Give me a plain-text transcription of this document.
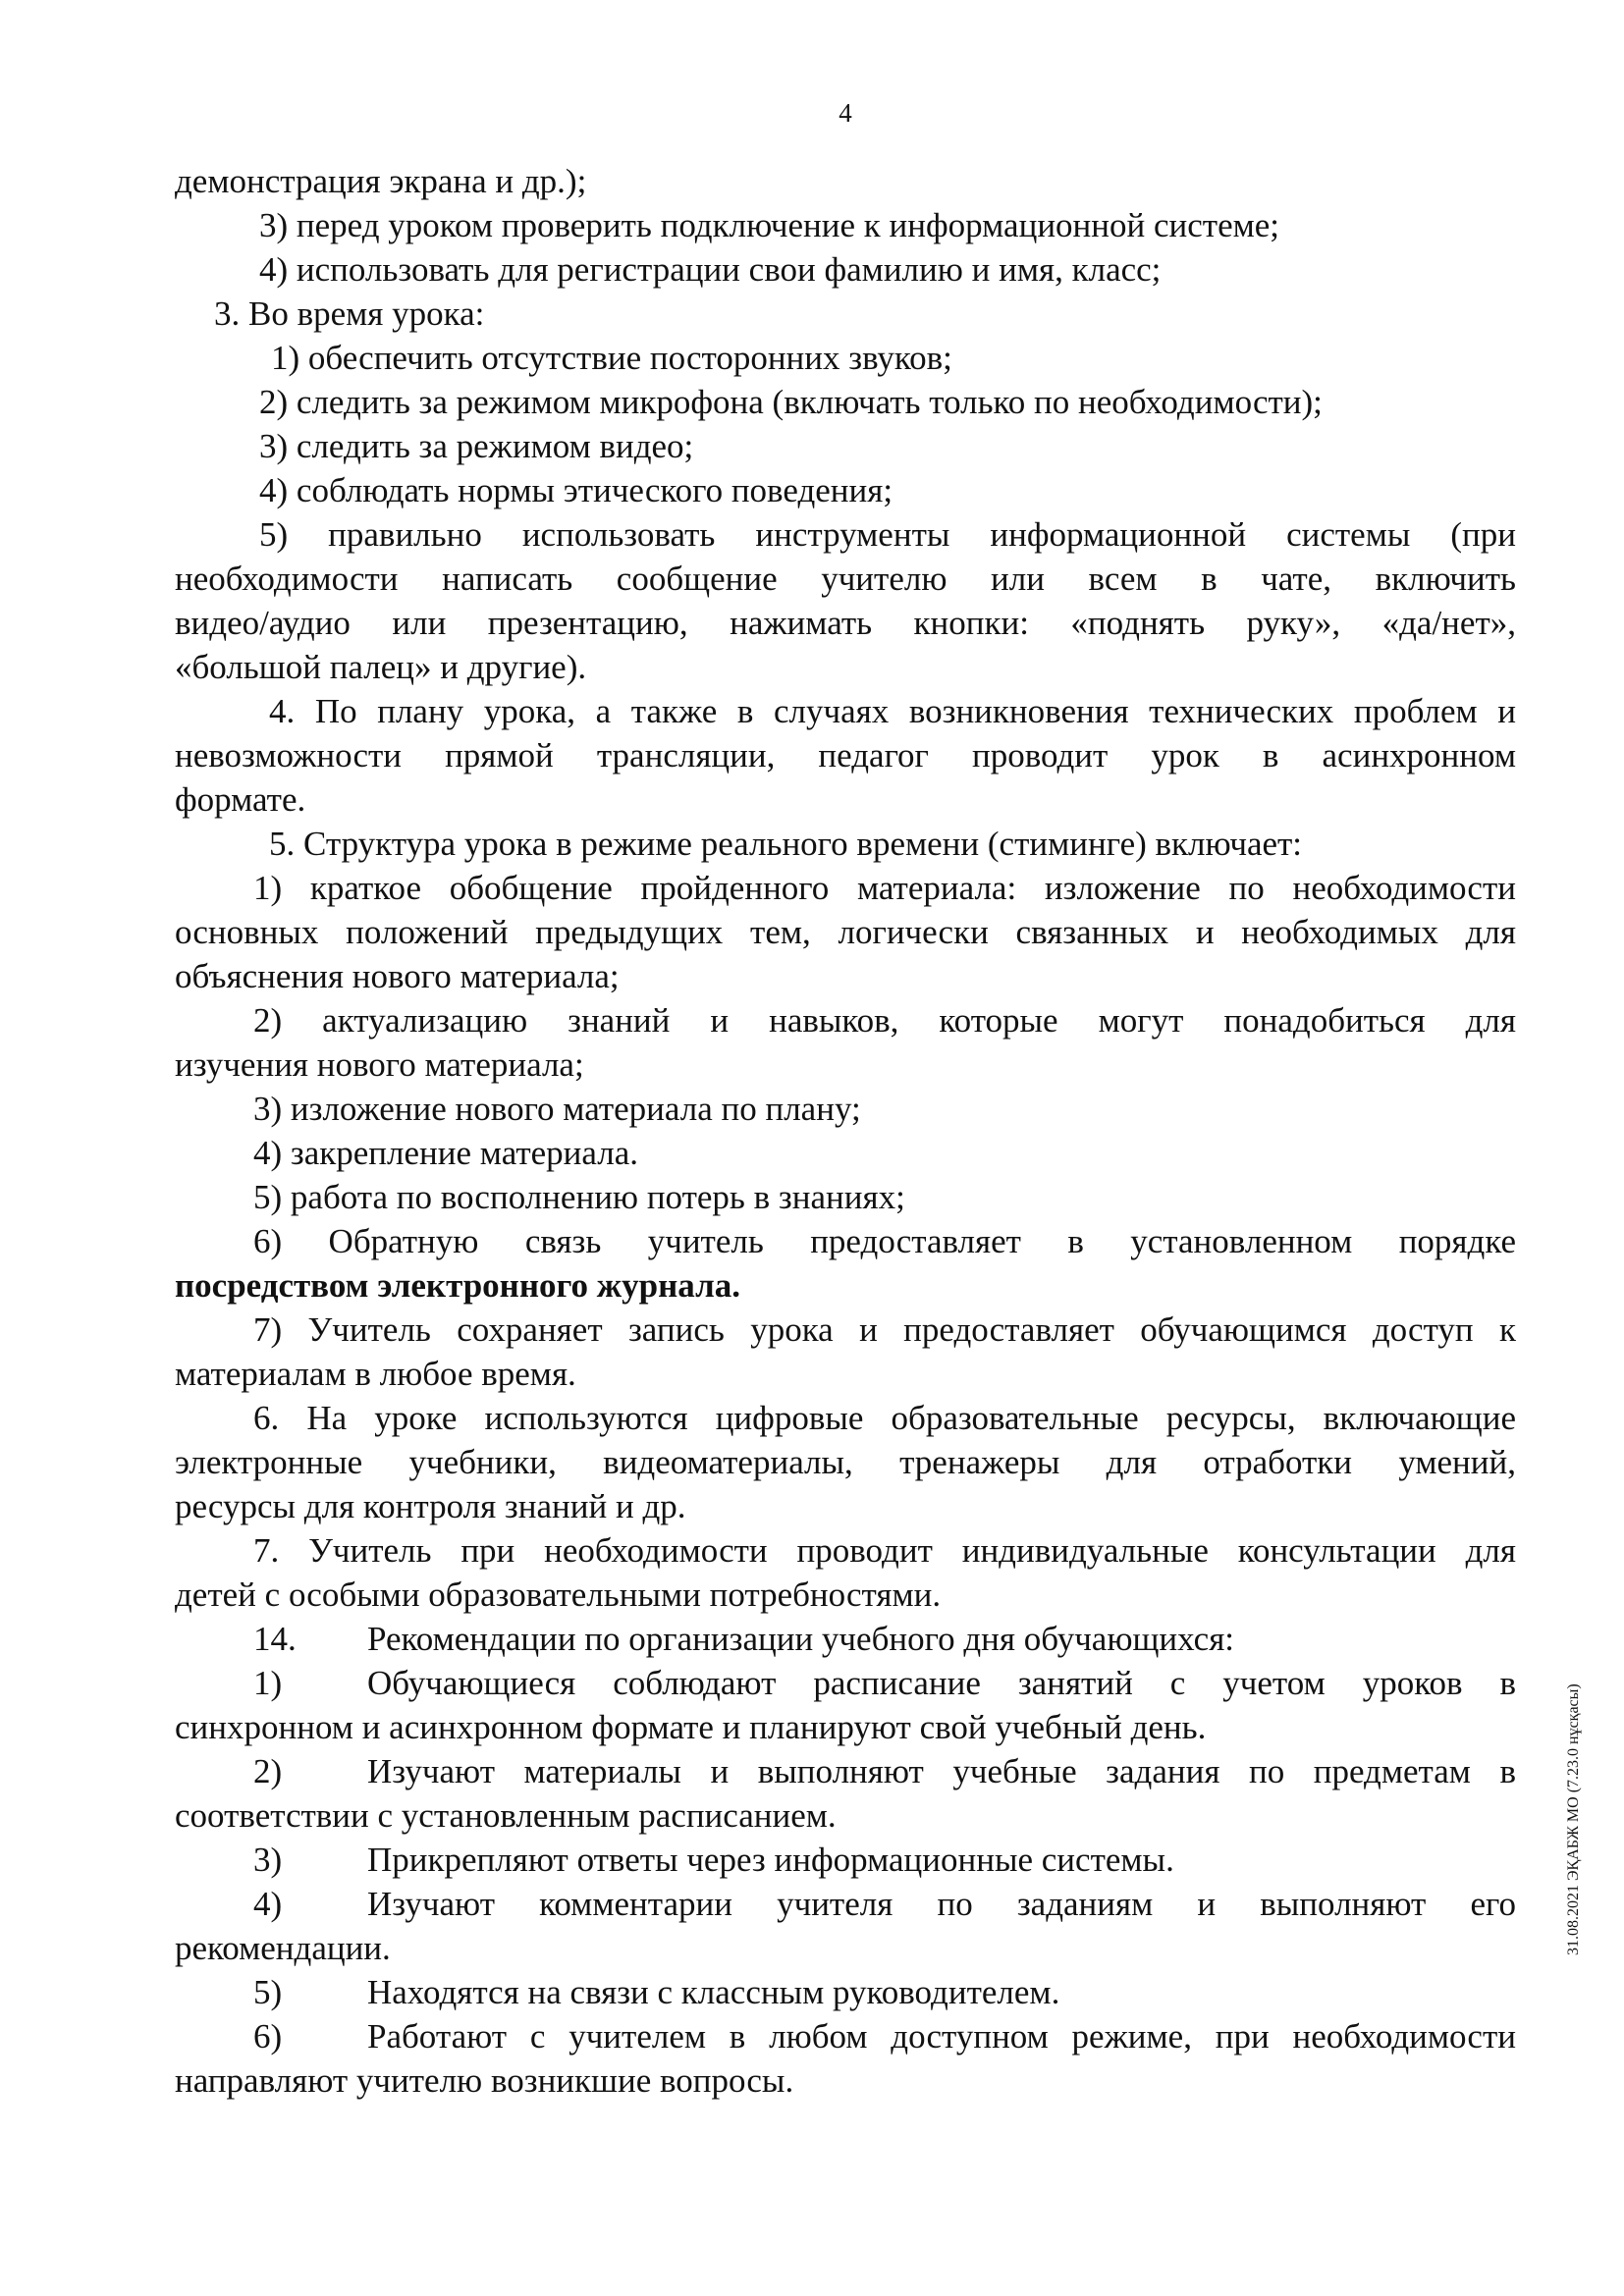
4
демонстрация экрана и др.);
3) перед уроком проверить подключение к информационной системе;
4) использовать для регистрации свои фамилию и имя, класс;
3. Во время урока:
1) обеспечить отсутствие посторонних звуков;
2) следить за режимом микрофона (включать только по необходимости);
3) следить за режимом видео;
4) соблюдать нормы этического поведения;
5) правильно использовать инструменты информационной системы (при
необходимости написать сообщение учителю или всем в чате, включить
видео/аудио или презентацию, нажимать кнопки: «поднять руку», «да/нет»,
«большой палец» и другие).
4. По плану урока, а также в случаях возникновения технических проблем и
невозможности прямой трансляции, педагог проводит урок в асинхронном
формате.
5. Структура урока в режиме реального времени (стиминге) включает:
1) краткое обобщение пройденного материала: изложение по необходимости
основных положений предыдущих тем, логически связанных и необходимых для
объяснения нового материала;
2) актуализацию знаний и навыков, которые могут понадобиться для
изучения нового материала;
3) изложение нового материала по плану;
4) закрепление материала.
5) работа по восполнению потерь в знаниях;
6) Обратную связь учитель предоставляет в установленном порядке
посредством электронного журнала.
7) Учитель сохраняет запись урока и предоставляет обучающимся доступ к
материалам в любое время.
6. На уроке используются цифровые образовательные ресурсы, включающие
электронные учебники, видеоматериалы, тренажеры для отработки умений,
ресурсы для контроля знаний и др.
7. Учитель при необходимости проводит индивидуальные консультации для
детей с особыми образовательными потребностями.
14. Рекомендации по организации учебного дня обучающихся:
1) Обучающиеся соблюдают расписание занятий с учетом уроков в
синхронном и асинхронном формате и планируют свой учебный день.
2) Изучают материалы и выполняют учебные задания по предметам в
соответствии с установленным расписанием.
3) Прикрепляют ответы через информационные системы.
4) Изучают комментарии учителя по заданиям и выполняют его
рекомендации.
5) Находятся на связи с классным руководителем.
6) Работают с учителем в любом доступном режиме, при необходимости
направляют учителю возникшие вопросы.
31.08.2021 ЭҚАБЖ МО (7.23.0 нұсқасы)
